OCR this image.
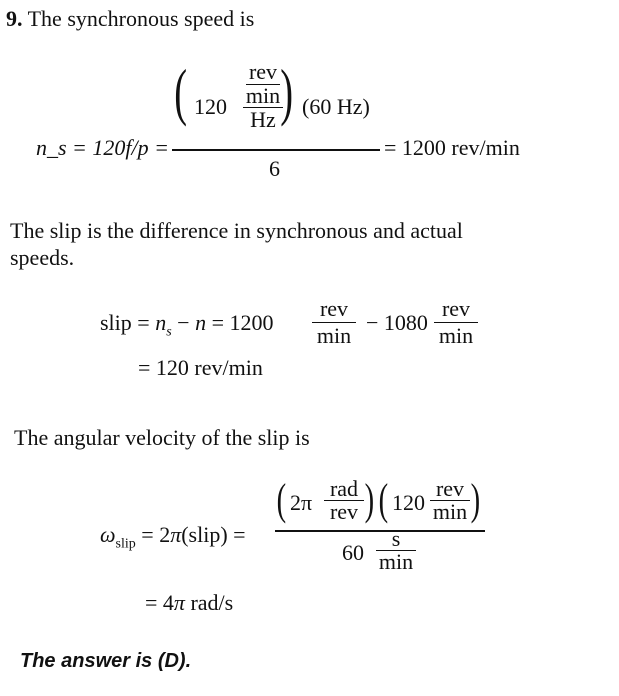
9. The synchronous speed is
n_s = 120f/p =
( 120
rev
min
Hz ) (60 Hz)
6
= 1200 rev/min
The slip is the difference in synchronous and actual
speeds.
slip = $n_s - n = 1200$
rev
min
− 1080
rev
min
= 120 rev/min
The angular velocity of the slip is
$\omega_{slip}$ = 2π(slip) =
( 2π
rad
rev ) ( 120
rev
min )
60
s
min
= 4π rad/s
The answer is (D).
